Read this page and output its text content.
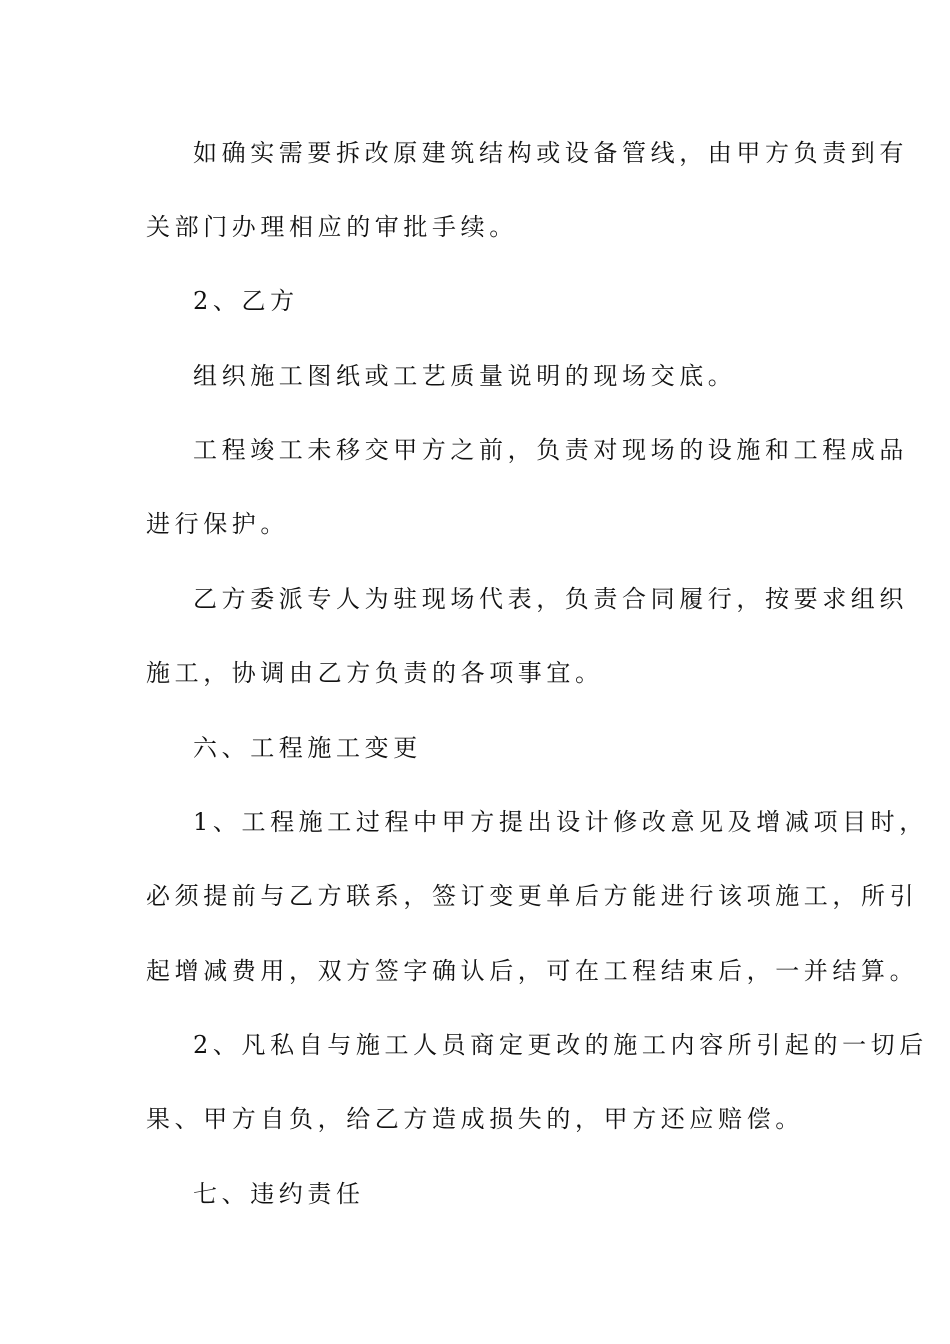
如确实需要拆改原建筑结构或设备管线，由甲方负责到有
关部门办理相应的审批手续。
2、乙方
组织施工图纸或工艺质量说明的现场交底。
工程竣工未移交甲方之前，负责对现场的设施和工程成品
进行保护。
乙方委派专人为驻现场代表，负责合同履行，按要求组织
施工，协调由乙方负责的各项事宜。
六、工程施工变更
1、工程施工过程中甲方提出设计修改意见及增减项目时，
必须提前与乙方联系，签订变更单后方能进行该项施工，所引
起增减费用，双方签字确认后，可在工程结束后，一并结算。
2、凡私自与施工人员商定更改的施工内容所引起的一切后
果、甲方自负，给乙方造成损失的，甲方还应赔偿。
七、违约责任
